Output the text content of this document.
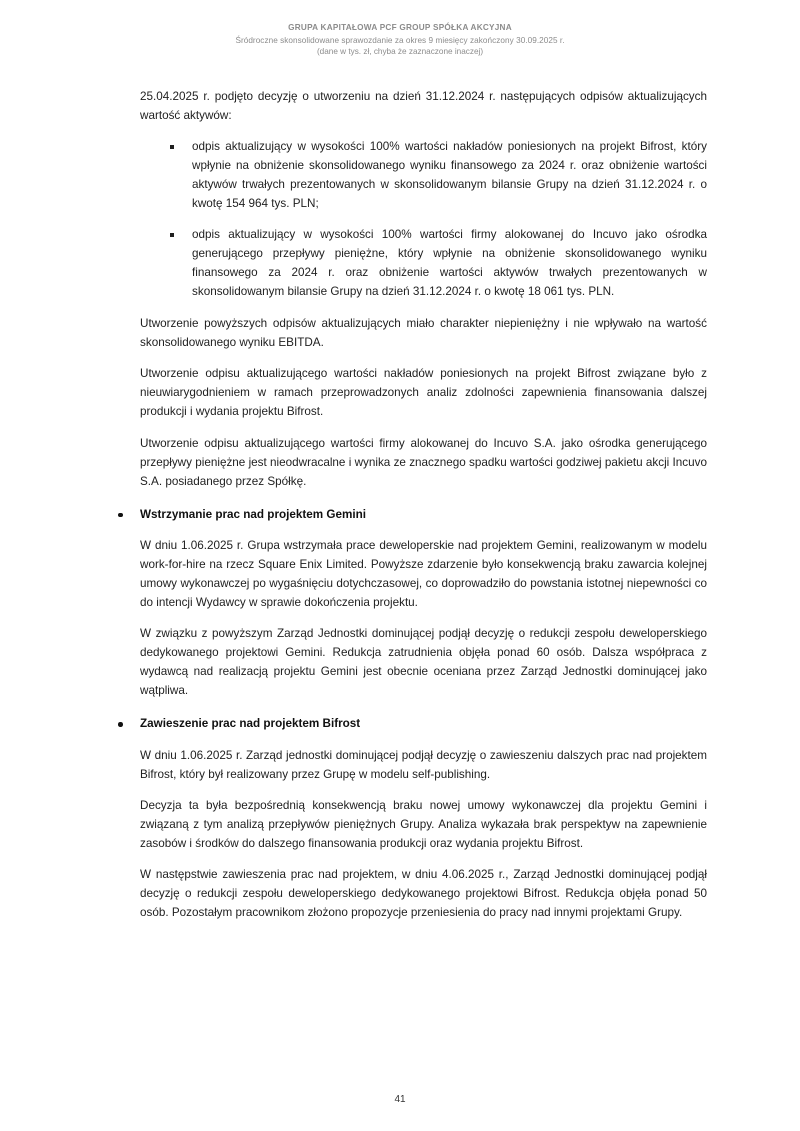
GRUPA KAPITAŁOWA PCF GROUP SPÓŁKA AKCYJNA
Śródroczne skonsolidowane sprawozdanie za okres 9 miesięcy zakończony 30.09.2025 r.
(dane w tys. zł, chyba że zaznaczone inaczej)

25.04.2025 r. podjęto decyzję o utworzeniu na dzień 31.12.2024 r. następujących odpisów aktualizujących wartość aktywów:

odpis aktualizujący w wysokości 100% wartości nakładów poniesionych na projekt Bifrost, który wpłynie na obniżenie skonsolidowanego wyniku finansowego za 2024 r. oraz obniżenie wartości aktywów trwałych prezentowanych w skonsolidowanym bilansie Grupy na dzień 31.12.2024 r. o kwotę 154 964 tys. PLN;
odpis aktualizujący w wysokości 100% wartości firmy alokowanej do Incuvo jako ośrodka generującego przepływy pieniężne, który wpłynie na obniżenie skonsolidowanego wyniku finansowego za 2024 r. oraz obniżenie wartości aktywów trwałych prezentowanych w skonsolidowanym bilansie Grupy na dzień 31.12.2024 r. o kwotę 18 061 tys. PLN.

Utworzenie powyższych odpisów aktualizujących miało charakter niepieniężny i nie wpływało na wartość skonsolidowanego wyniku EBITDA.

Utworzenie odpisu aktualizującego wartości nakładów poniesionych na projekt Bifrost związane było z nieuwiarygodnieniem w ramach przeprowadzonych analiz zdolności zapewnienia finansowania dalszej produkcji i wydania projektu Bifrost.

Utworzenie odpisu aktualizującego wartości firmy alokowanej do Incuvo S.A. jako ośrodka generującego przepływy pieniężne jest nieodwracalne i wynika ze znacznego spadku wartości godziwej pakietu akcji Incuvo S.A. posiadanego przez Spółkę.

Wstrzymanie prac nad projektem Gemini

W dniu 1.06.2025 r. Grupa wstrzymała prace deweloperskie nad projektem Gemini, realizowanym w modelu work-for-hire na rzecz Square Enix Limited. Powyższe zdarzenie było konsekwencją braku zawarcia kolejnej umowy wykonawczej po wygaśnięciu dotychczasowej, co doprowadziło do powstania istotnej niepewności co do intencji Wydawcy w sprawie dokończenia projektu.

W związku z powyższym Zarząd Jednostki dominującej podjął decyzję o redukcji zespołu deweloperskiego dedykowanego projektowi Gemini. Redukcja zatrudnienia objęła ponad 60 osób. Dalsza współpraca z wydawcą nad realizacją projektu Gemini jest obecnie oceniana przez Zarząd Jednostki dominującej jako wątpliwa.

Zawieszenie prac nad projektem Bifrost

W dniu 1.06.2025 r. Zarząd jednostki dominującej podjął decyzję o zawieszeniu dalszych prac nad projektem Bifrost, który był realizowany przez Grupę w modelu self-publishing.

Decyzja ta była bezpośrednią konsekwencją braku nowej umowy wykonawczej dla projektu Gemini i związaną z tym analizą przepływów pieniężnych Grupy. Analiza wykazała brak perspektyw na zapewnienie zasobów i środków do dalszego finansowania produkcji oraz wydania projektu Bifrost.

W następstwie zawieszenia prac nad projektem, w dniu 4.06.2025 r., Zarząd Jednostki dominującej podjął decyzję o redukcji zespołu deweloperskiego dedykowanego projektowi Bifrost. Redukcja objęła ponad 50 osób. Pozostałym pracownikom złożono propozycje przeniesienia do pracy nad innymi projektami Grupy.

41
